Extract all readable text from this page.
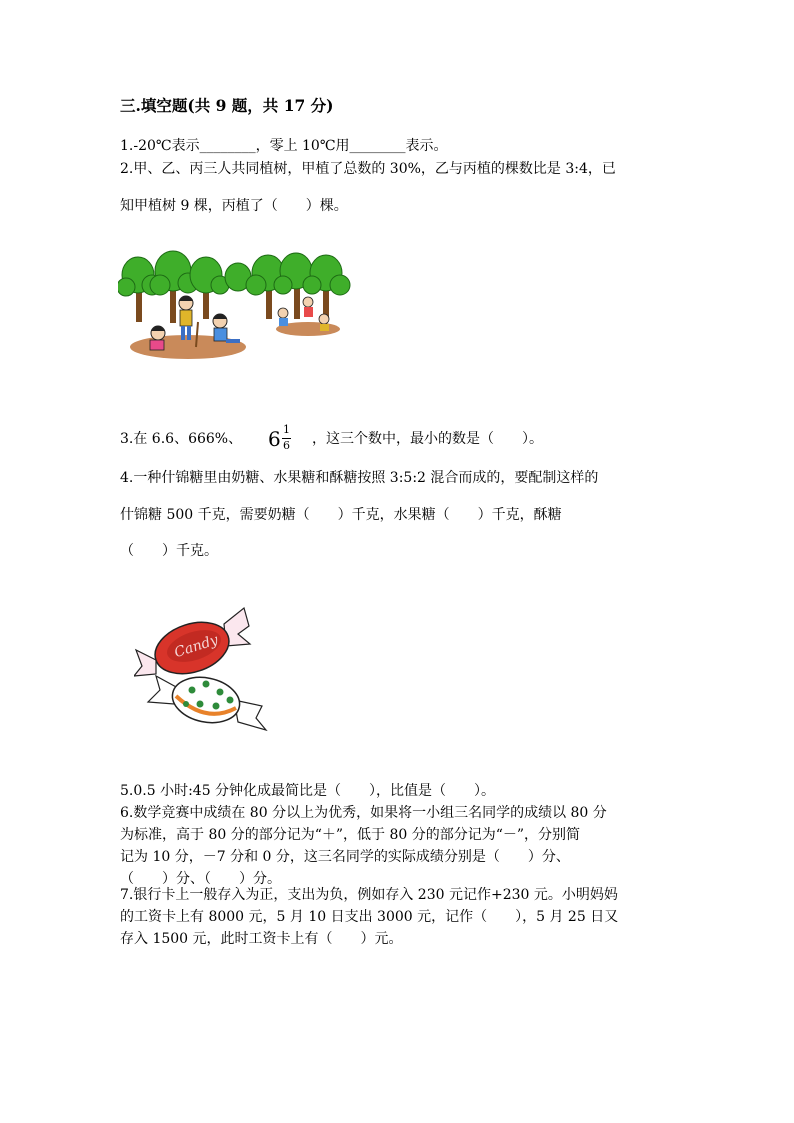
三.填空题(共 9 题，共 17 分)
1.-20℃表示________，零上 10℃用________表示。
2.甲、乙、丙三人共同植树，甲植了总数的 30%，乙与丙植的棵数比是 3:4，已
知甲植树 9 棵，丙植了（　　）棵。
3.在 6.6、666%、 6 1
6 ，这三个数中，最小的数是（　　）。
4.一种什锦糖里由奶糖、水果糖和酥糖按照 3:5:2 混合而成的，要配制这样的
什锦糖 500 千克，需要奶糖（　　）千克，水果糖（　　）千克，酥糖
（　　）千克。
Candy
5.0.5 小时:45 分钟化成最简比是（　　），比值是（　　）。
6.数学竞赛中成绩在 80 分以上为优秀，如果将一小组三名同学的成绩以 80 分
为标准，高于 80 分的部分记为“＋”，低于 80 分的部分记为“－”，分别简
记为 10 分，－7 分和 0 分，这三名同学的实际成绩分别是（　　）分、
（　　）分、（　　）分。
7.银行卡上一般存入为正，支出为负，例如存入 230 元记作+230 元。小明妈妈
的工资卡上有 8000 元，5 月 10 日支出 3000 元，记作（　　），5 月 25 日又
存入 1500 元，此时工资卡上有（　　）元。
